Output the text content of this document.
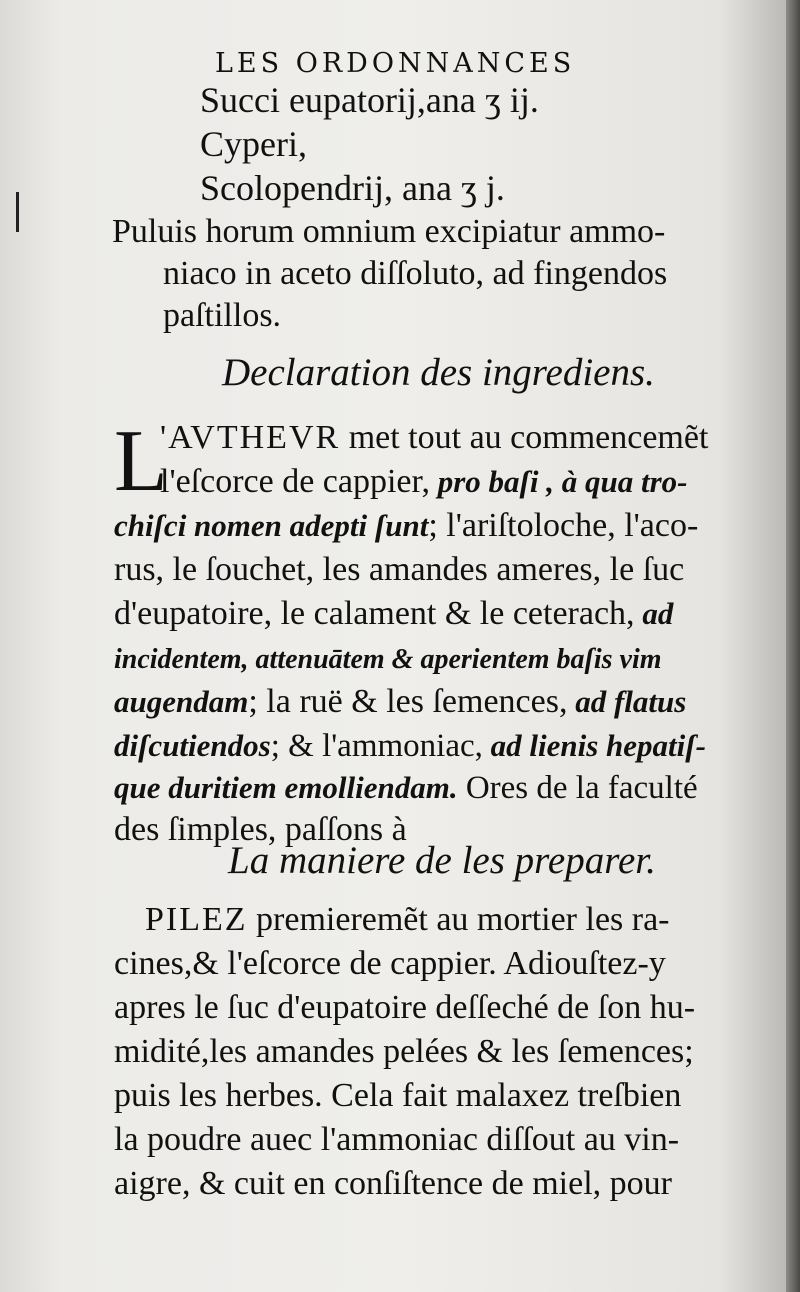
LES ORDONNANCES
Succi eupatorij,ana ʒ ij.
Cyperi,
Scolopendrij, ana ʒ j.
Puluis horum omnium excipiatur ammo-
niaco in aceto diſſoluto, ad fingendos
paſtillos.
Declaration des ingrediens.
L
'AVTHEVR met tout au commencemẽt
l'eſcorce de cappier, pro baſi , à qua tro-
chiſci nomen adepti ſunt; l'ariſtoloche, l'aco-
rus, le ſouchet, les amandes ameres, le ſuc
d'eupatoire, le calament & le ceterach, ad
incidentem, attenuātem & aperientem baſis vim
augendam; la ruë & les ſemences, ad flatus
diſcutiendos; & l'ammoniac, ad lienis hepatiſ-
que duritiem emolliendam. Ores de la faculté
des ſimples, paſſons à
La maniere de les preparer.
PILEZ premieremẽt au mortier les ra-
cines,& l'eſcorce de cappier. Adiouſtez-y
apres le ſuc d'eupatoire deſſeché de ſon hu-
midité,les amandes pelées & les ſemences;
puis les herbes. Cela fait malaxez treſbien
la poudre auec l'ammoniac diſſout au vin-
aigre, & cuit en conſiſtence de miel, pour
